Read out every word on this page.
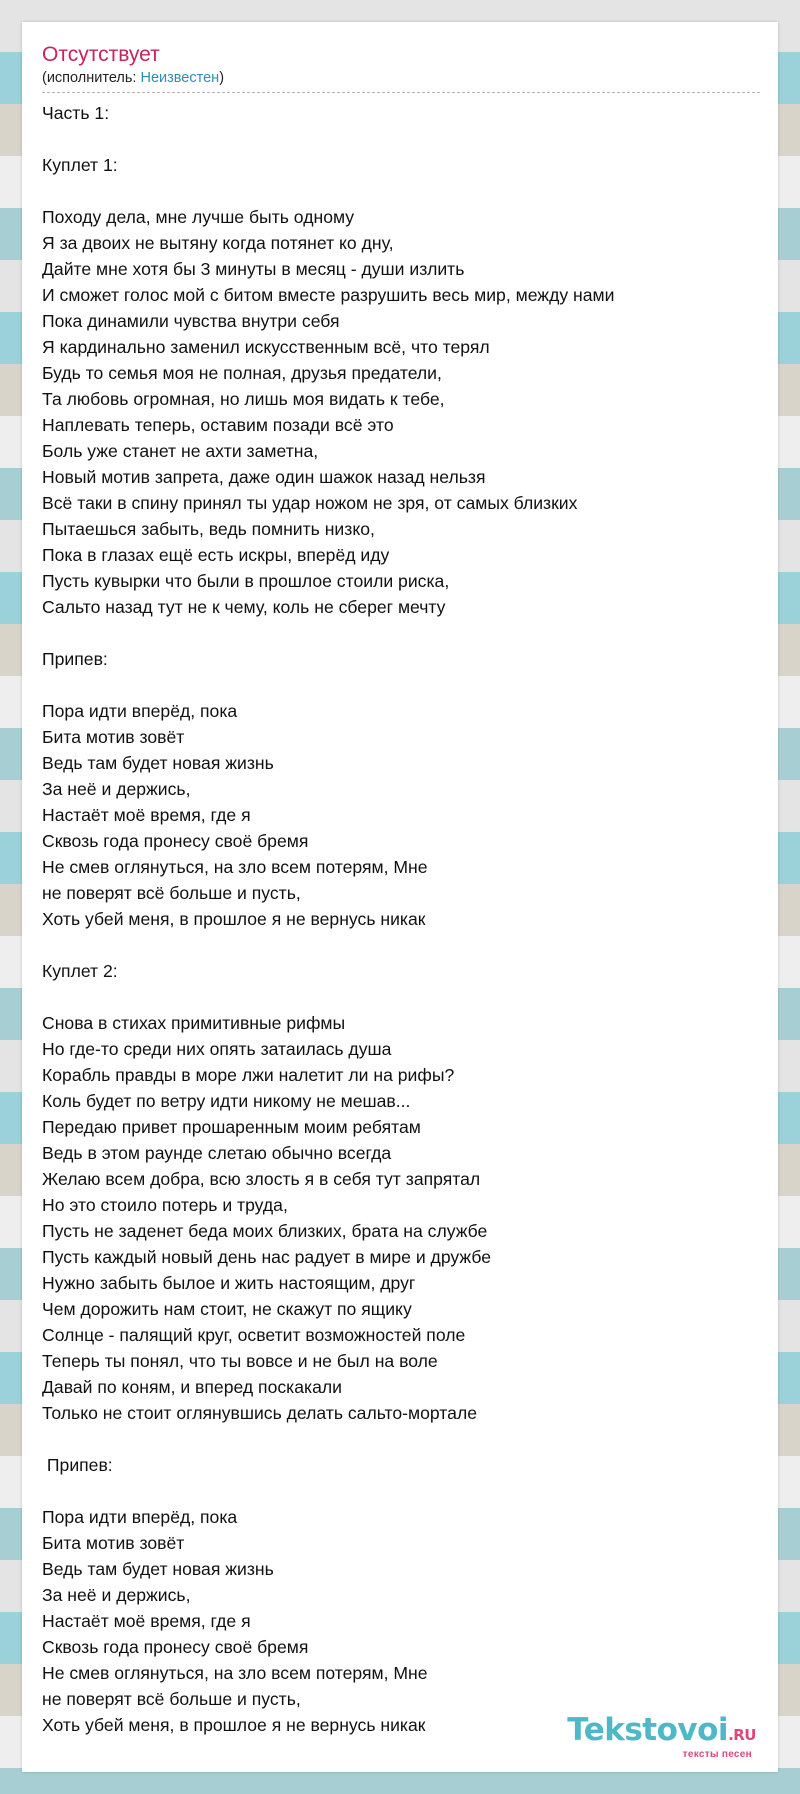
Отсутствует
(исполнитель: Неизвестен)
Часть 1:
Куплет 1:
Походу дела, мне лучше быть одному
Я за двоих не вытяну когда потянет ко дну,
Дайте мне хотя бы 3 минуты в месяц - души излить
И сможет голос мой с битом вместе разрушить весь мир, между нами
Пока динамили чувства внутри себя
Я кардинально заменил искусственным всё, что терял
Будь то семья моя не полная, друзья предатели,
Та любовь огромная, но лишь моя видать к тебе,
Наплевать теперь, оставим позади всё это
Боль уже станет не ахти заметна,
Новый мотив запрета, даже один шажок назад нельзя
Всё таки в спину принял ты удар ножом не зря, от самых близких
Пытаешься забыть, ведь помнить низко,
Пока в глазах ещё есть искры, вперёд иду
Пусть кувырки что были в прошлое стоили риска,
Сальто назад тут не к чему, коль не сберег мечту
Припев:
Пора идти вперёд, пока
Бита мотив зовёт
Ведь там будет новая жизнь
За неё и держись,
Настаёт моё время, где я
Сквозь года пронесу своё бремя
Не смев оглянуться, на зло всем потерям, Мне
не поверят всё больше и пусть,
Хоть убей меня, в прошлое я не вернусь никак
Куплет 2:
Снова в стихах примитивные рифмы
Но где-то среди них опять затаилась душа
Корабль правды в море лжи налетит ли на рифы?
Коль будет по ветру идти никому не мешав...
Передаю привет прошаренным моим ребятам
Ведь в этом раунде слетаю обычно всегда
Желаю всем добра, всю злость я в себя тут запрятал
Но это стоило потерь и труда,
Пусть не заденет беда моих близких, брата на службе
Пусть каждый новый день нас радует в мире и дружбе
Нужно забыть былое и жить настоящим, друг
Чем дорожить нам стоит, не скажут по ящику
Солнце - палящий круг, осветит возможностей поле
Теперь ты понял, что ты вовсе и не был на воле
Давай по коням, и вперед поскакали
Только не стоит оглянувшись делать сальто-мортале
Припев:
Пора идти вперёд, пока
Бита мотив зовёт
Ведь там будет новая жизнь
За неё и держись,
Настаёт моё время, где я
Сквозь года пронесу своё бремя
Не смев оглянуться, на зло всем потерям, Мне
не поверят всё больше и пусть,
Хоть убей меня, в прошлое я не вернусь никак	Tekstovoi.RU
тексты песен
